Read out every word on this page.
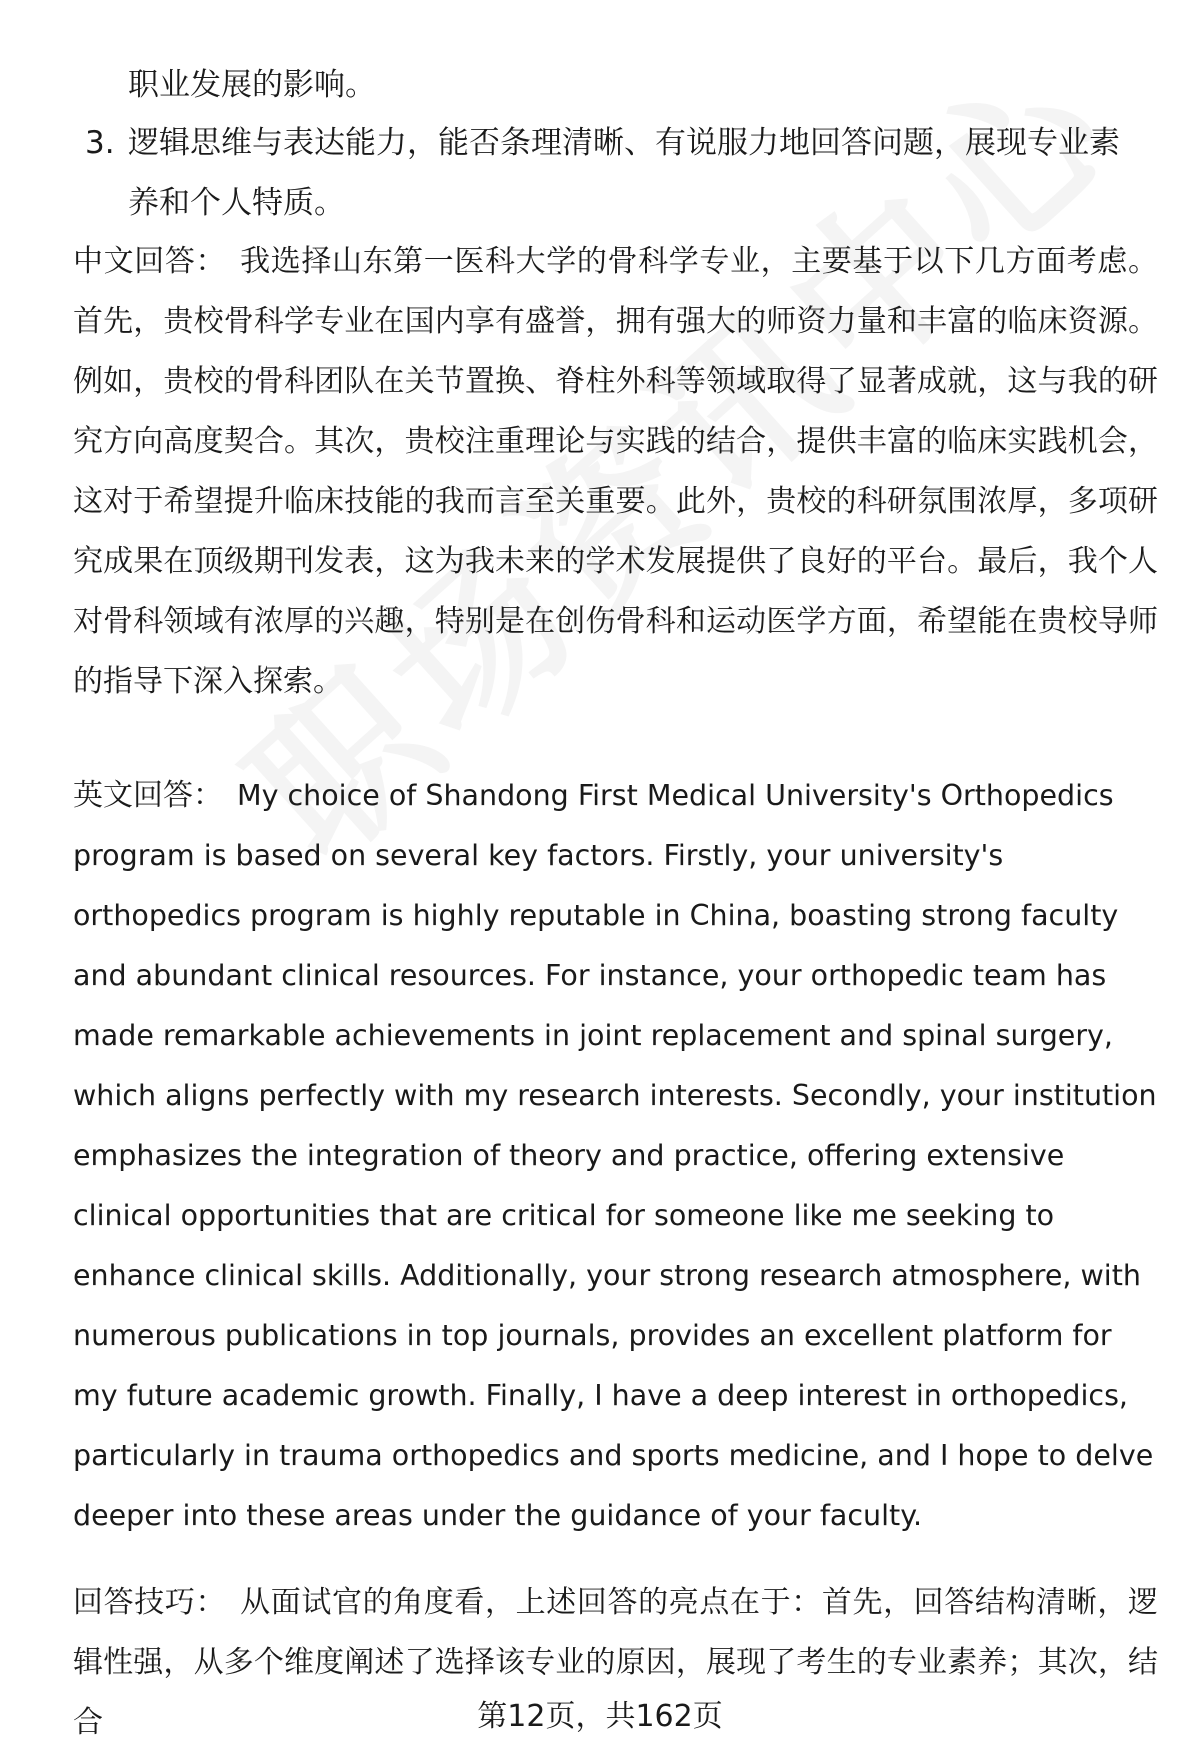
职业发展的影响。
3. 逻辑思维与表达能力，能否条理清晰、有说服力地回答问题，展现专业素养和个人特质。
中文回答： 我选择山东第一医科大学的骨科学专业，主要基于以下几方面考虑。首先，贵校骨科学专业在国内享有盛誉，拥有强大的师资力量和丰富的临床资源。例如，贵校的骨科团队在关节置换、脊柱外科等领域取得了显著成就，这与我的研究方向高度契合。其次，贵校注重理论与实践的结合，提供丰富的临床实践机会，这对于希望提升临床技能的我而言至关重要。此外，贵校的科研氛围浓厚，多项研究成果在顶级期刊发表，这为我未来的学术发展提供了良好的平台。最后，我个人对骨科领域有浓厚的兴趣，特别是在创伤骨科和运动医学方面，希望能在贵校导师的指导下深入探索。
英文回答： My choice of Shandong First Medical University's Orthopedics program is based on several key factors. Firstly, your university's orthopedics program is highly reputable in China, boasting strong faculty and abundant clinical resources. For instance, your orthopedic team has made remarkable achievements in joint replacement and spinal surgery, which aligns perfectly with my research interests. Secondly, your institution emphasizes the integration of theory and practice, offering extensive clinical opportunities that are critical for someone like me seeking to enhance clinical skills. Additionally, your strong research atmosphere, with numerous publications in top journals, provides an excellent platform for my future academic growth. Finally, I have a deep interest in orthopedics, particularly in trauma orthopedics and sports medicine, and I hope to delve deeper into these areas under the guidance of your faculty.
回答技巧： 从面试官的角度看，上述回答的亮点在于：首先，回答结构清晰，逻辑性强，从多个维度阐述了选择该专业的原因，展现了考生的专业素养；其次，结合	第12页，共162页
